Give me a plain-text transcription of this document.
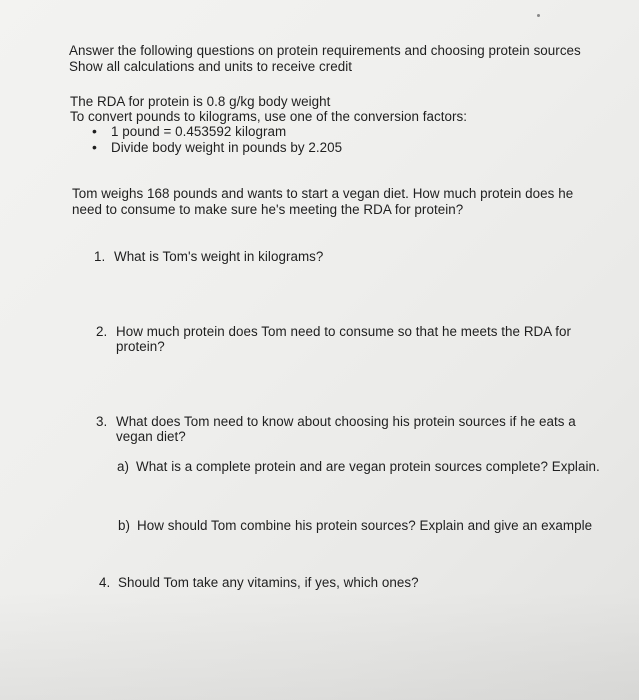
Answer the following questions on protein requirements and choosing protein sources
Show all calculations and units to receive credit
The RDA for protein is 0.8 g/kg body weight
To convert pounds to kilograms, use one of the conversion factors:
• 1 pound = 0.453592 kilogram
• Divide body weight in pounds by 2.205
Tom weighs 168 pounds and wants to start a vegan diet. How much protein does he
need to consume to make sure he's meeting the RDA for protein?
1. What is Tom's weight in kilograms?
2. How much protein does Tom need to consume so that he meets the RDA for
protein?
3. What does Tom need to know about choosing his protein sources if he eats a
vegan diet?
a) What is a complete protein and are vegan protein sources complete? Explain.
b) How should Tom combine his protein sources? Explain and give an example
4. Should Tom take any vitamins, if yes, which ones?
